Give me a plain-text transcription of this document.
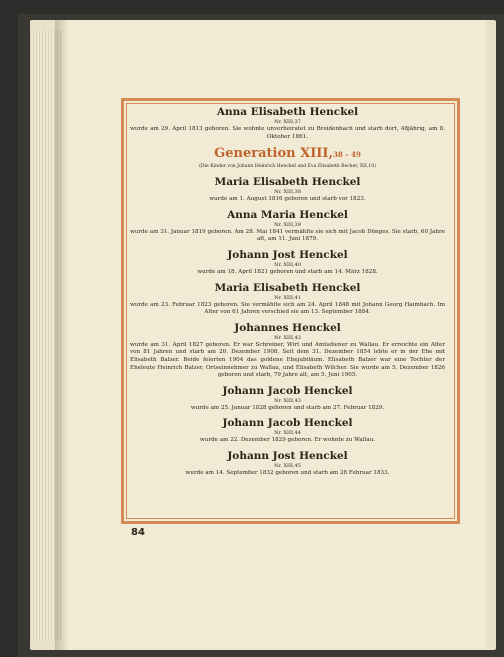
Anna Elisabeth Henckel

Nr. XIII,37

wurde am 29. April 1813 geboren. Sie wohnte unverheiratet zu Breidenbach und starb dort, 48jährig, am 8. Oktober 1861.

Generation XIII,38 – 49

(Die Kinder von Johann Heinrich Henckel und Eva Elisabeth Becker, XII,10)

Maria Elisabeth Henckel

Nr. XIII,38

wurde am 1. August 1816 geboren und starb vor 1823.

Anna Maria Henckel

Nr. XIII,39

wurde am 31. Januar 1819 geboren. Am 28. Mai 1841 vermählte sie sich mit Jacob Dönges. Sie starb, 60 Jahre alt, am 11. Juni 1879.

Johann Jost Henckel

Nr. XIII,40

wurde am 18. April 1821 geboren und starb am 14. März 1828.

Maria Elisabeth Henckel

Nr. XIII,41

wurde am 23. Februar 1823 geboren. Sie vermählte sich am 24. April 1848 mit Johann Georg Haimbach. Im Alter von 61 Jahren verschied sie am 13. September 1884.

Johannes Henckel

Nr. XIII,42

wurde am 31. April 1827 geboren. Er war Schreiner, Wirt und Amtsdiener zu Wallau. Er erreichte ein Alter von 81 Jahren und starb am 20. Dezember 1908. Seit dem 31. Dezember 1854 lebte er in der Ehe mit Elisabeth Balzer. Beide feierten 1904 das goldene Ehejubiläum. Elisabeth Balzer war eine Tochter der Eheleute Heinrich Balzer, Ortseinnehmer zu Wallau, und Elisabeth Wilcher. Sie wurde am 5. Dezember 1826 geboren und starb, 79 Jahre alt, am 5. Juni 1905.

Johann Jacob Henckel

Nr. XIII,43

wurde am 25. Januar 1828 geboren und starb am 27. Februar 1829.

Johann Jacob Henckel

Nr. XIII,44

wurde am 22. Dezember 1829 geboren. Er wohnte zu Wallau.

Johann Jost Henckel

Nr. XIII,45

wurde am 14. September 1832 geboren und starb am 28 Februar 1833.

84
